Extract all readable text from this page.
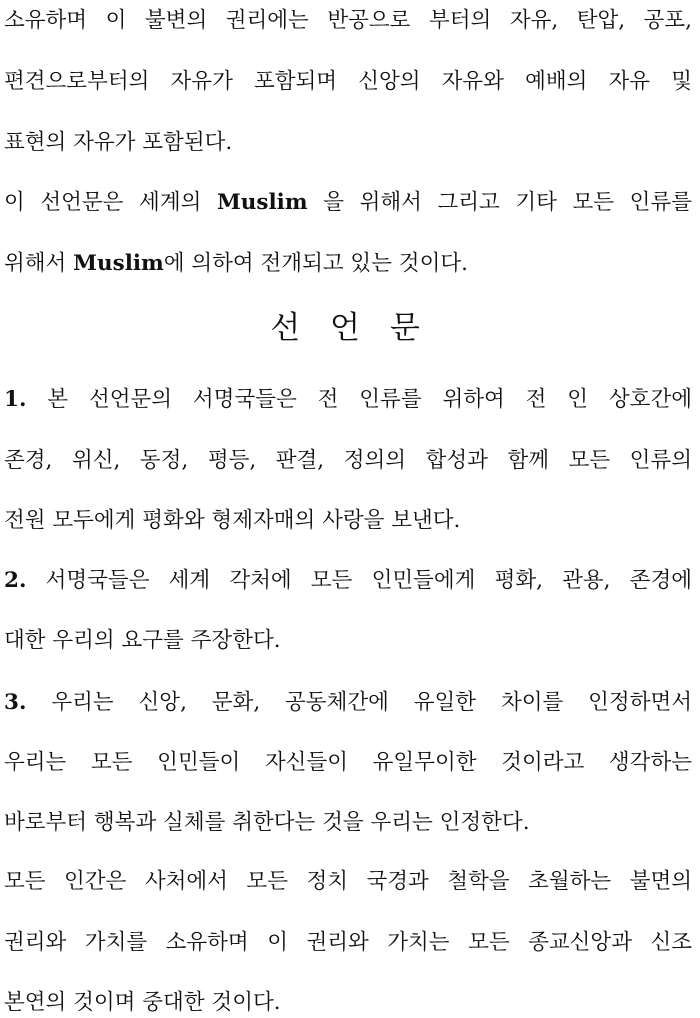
소유하며 이 불변의 권리에는 반공으로 부터의 자유, 탄압, 공포,
편견으로부터의 자유가 포함되며 신앙의 자유와 예배의 자유 및
표현의 자유가 포함된다.
이 선언문은 세계의 Muslim 을 위해서 그리고 기타 모든 인류를
위해서 Muslim에 의하여 전개되고 있는 것이다.
선 언 문
1. 본 선언문의 서명국들은 전 인류를 위하여 전 인 상호간에
존경, 위신, 동정, 평등, 판결, 정의의 합성과 함께 모든 인류의
전원 모두에게 평화와 형제자매의 사랑을 보낸다.
2. 서명국들은 세계 각처에 모든 인민들에게 평화, 관용, 존경에
대한 우리의 요구를 주장한다.
3. 우리는 신앙, 문화, 공동체간에 유일한 차이를 인정하면서
우리는 모든 인민들이 자신들이 유일무이한 것이라고 생각하는
바로부터 행복과 실체를 취한다는 것을 우리는 인정한다.
모든 인간은 사처에서 모든 정치 국경과 철학을 초월하는 불면의
권리와 가치를 소유하며 이 권리와 가치는 모든 종교신앙과 신조
본연의 것이며 중대한 것이다.
